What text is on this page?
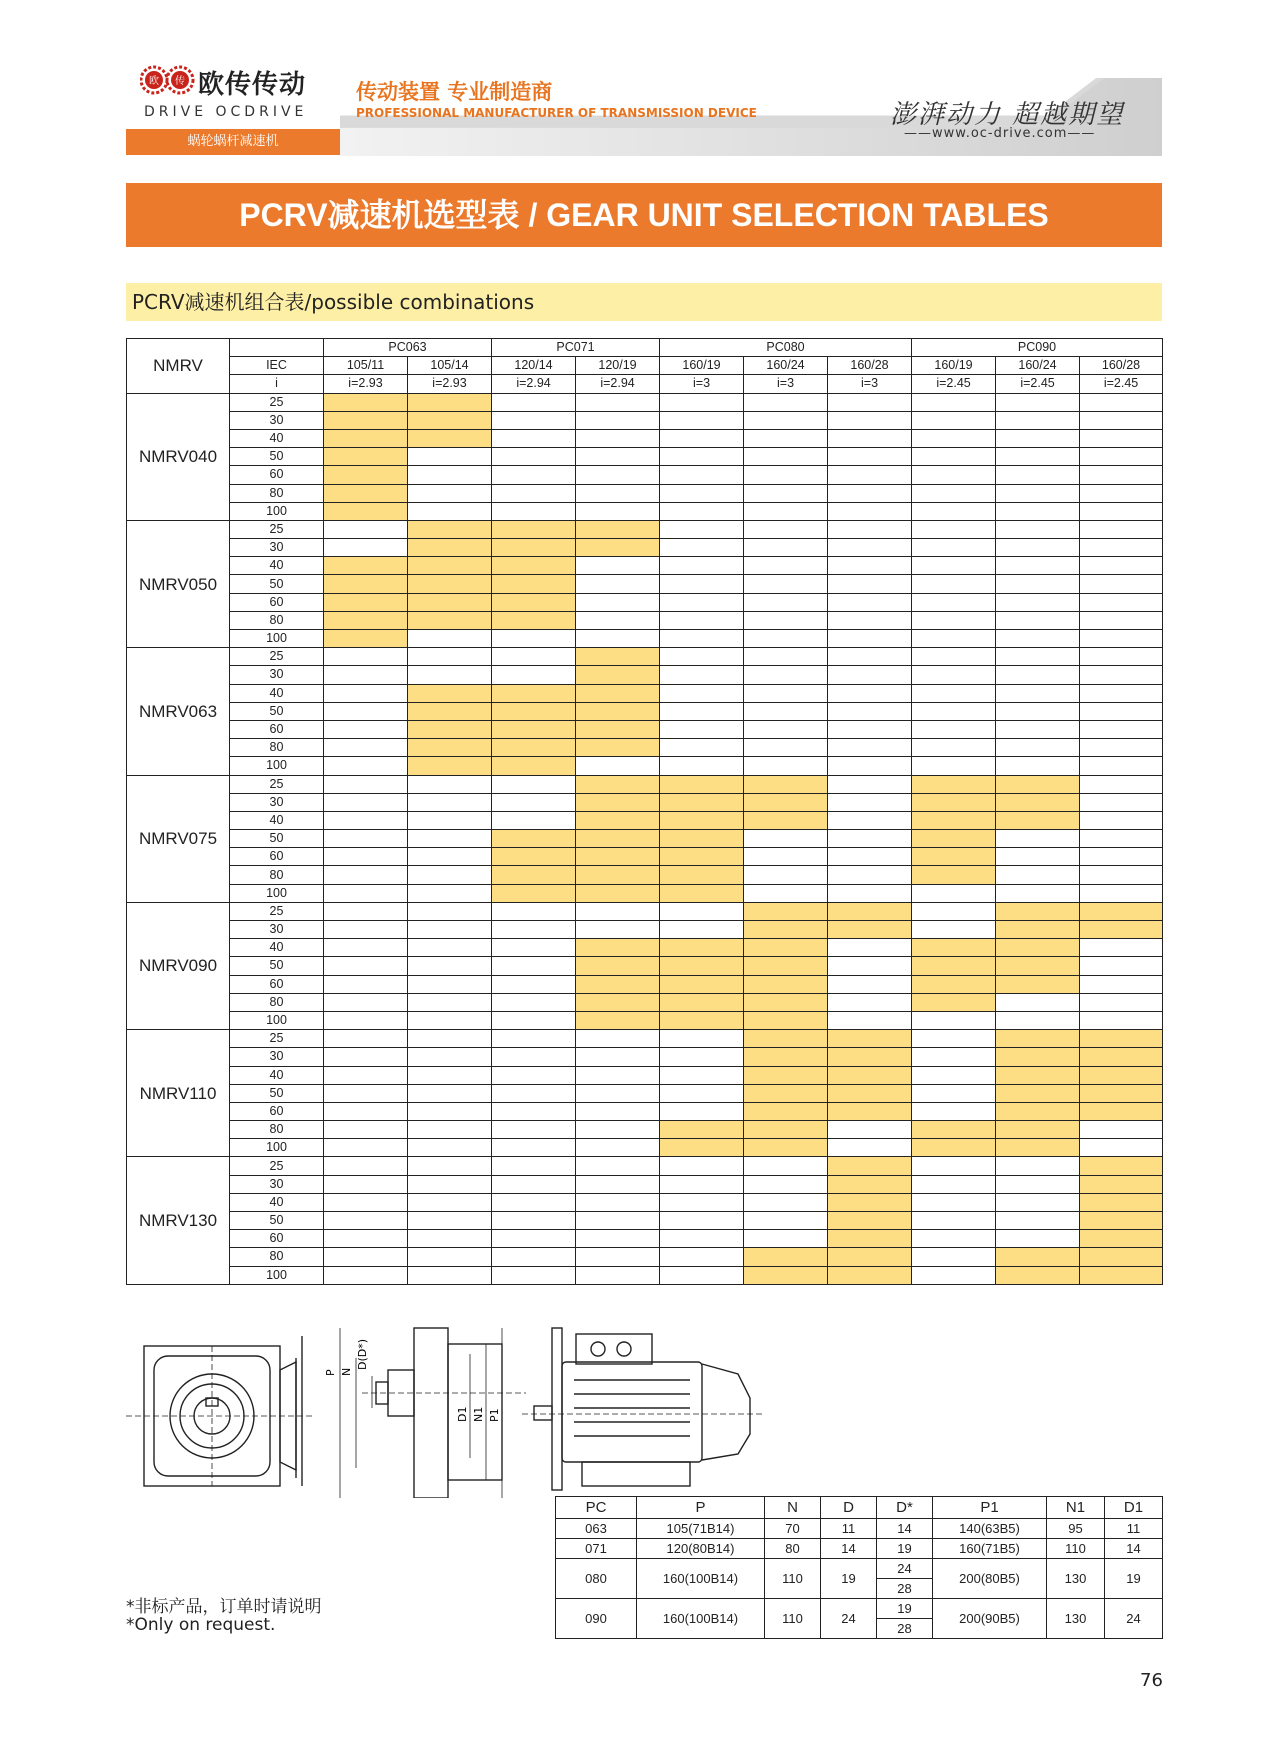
欧 传 欧传传动
DRIVE OCDRIVE
传动装置 专业制造商
PROFESSIONAL MANUFACTURER OF TRANSMISSION DEVICE	澎湃动力 超越期望
——www.oc-drive.com——
蜗轮蜗杆减速机
PCRV减速机选型表 / GEAR UNIT SELECTION TABLES
PCRV减速机组合表/possible combinations
NMRV		PC063		PC071		PC080			PC090		
	IEC	105/11	105/14	120/14	120/19	160/19	160/24	160/28	160/19	160/24	160/28
	i	i=2.93	i=2.93	i=2.94	i=2.94	i=3	i=3	i=3	i=2.45	i=2.45	i=2.45
NMRV040	25										
	30										
	40										
	50										
	60										
	80										
	100										
NMRV050	25										
	30										
	40										
	50										
	60										
	80										
	100										
NMRV063	25										
	30										
	40										
	50										
	60										
	80										
	100										
NMRV075	25										
	30										
	40										
	50										
	60										
	80										
	100										
NMRV090	25										
	30										
	40										
	50										
	60										
	80										
	100										
NMRV110	25										
	30										
	40										
	50										
	60										
	80										
	100										
NMRV130	25										
	30										
	40										
	50										
	60										
	80										
	100										
P N
D(D*)
D1 N1 P1
PC	P	N	D	D*	P1	N1	D1
063	105(71B14)	70	11	14	140(63B5)	95	11
071	120(80B14)	80	14	19	160(71B5)	110	14
080	160(100B14)	110	19	24	200(80B5)	130	19
				28			
090	160(100B14)	110	24	19	200(90B5)	130	24
				28			
*非标产品，订单时请说明
*Only on request.
76
